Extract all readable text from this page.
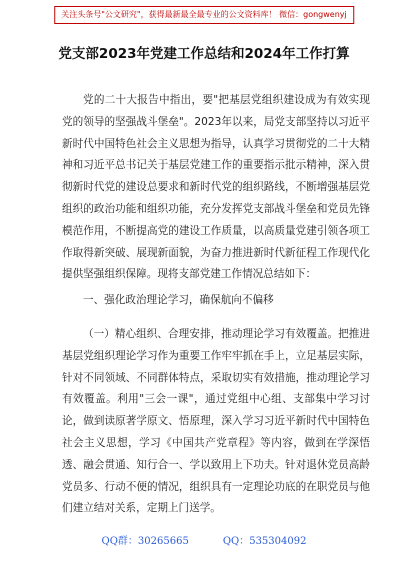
关注头条号"公文研究"，获得最新最全最专业的公文资料库！ 微信：gongwenyj
党支部2023年党建工作总结和2024年工作打算
党的二十大报告中指出，要"把基层党组织建设成为有效实现党的领导的坚强战斗堡垒"。2023年以来，局党支部坚持以习近平新时代中国特色社会主义思想为指导，认真学习贯彻党的二十大精神和习近平总书记关于基层党建工作的重要指示批示精神，深入贯彻新时代党的建设总要求和新时代党的组织路线，不断增强基层党组织的政治功能和组织功能，充分发挥党支部战斗堡垒和党员先锋模范作用，不断提高党的建设工作质量，以高质量党建引领各项工作取得新突破、展现新面貌，为奋力推进新时代新征程工作现代化提供坚强组织保障。现将支部党建工作情况总结如下：
一、强化政治理论学习，确保航向不偏移
（一）精心组织、合理安排，推动理论学习有效覆盖。把推进基层党组织理论学习作为重要工作牢牢抓在手上，立足基层实际，针对不同领域、不同群体特点，采取切实有效措施，推动理论学习有效覆盖。利用"三会一课"，通过党组中心组、支部集中学习讨论，做到读原著学原文、悟原理，深入学习习近平新时代中国特色社会主义思想，学习《中国共产党章程》等内容，做到在学深悟透、融会贯通、知行合一、学以致用上下功夫。针对退休党员高龄党员多、行动不便的情况，组织具有一定理论功底的在职党员与他们建立结对关系，定期上门送学。
QQ群：30265665	QQ：535304092
